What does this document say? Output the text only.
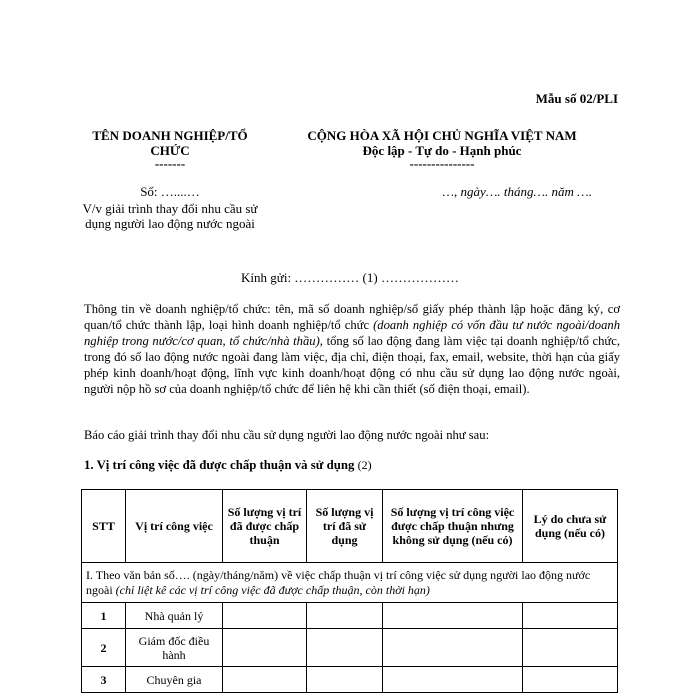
Mẫu số 02/PLI
TÊN DOANH NGHIỆP/TỔ
CHỨC
-------
Số: …....…
V/v giải trình thay đổi nhu cầu sử
dụng người lao động nước ngoài
CỘNG HÒA XÃ HỘI CHỦ NGHĨA VIỆT NAM
Độc lập - Tự do - Hạnh phúc
---------------
…, ngày…. tháng…. năm ….
Kính gửi: …………… (1) ………………
Thông tin về doanh nghiệp/tổ chức: tên, mã số doanh nghiệp/số giấy phép thành lập hoặc đăng ký, cơ quan/tổ chức thành lập, loại hình doanh nghiệp/tổ chức (doanh nghiệp có vốn đầu tư nước ngoài/doanh nghiệp trong nước/cơ quan, tổ chức/nhà thầu), tổng số lao động đang làm việc tại doanh nghiệp/tổ chức, trong đó số lao động nước ngoài đang làm việc, địa chỉ, điện thoại, fax, email, website, thời hạn của giấy phép kinh doanh/hoạt động, lĩnh vực kinh doanh/hoạt động có nhu cầu sử dụng lao động nước ngoài, người nộp hồ sơ của doanh nghiệp/tổ chức để liên hệ khi cần thiết (số điện thoại, email).
Báo cáo giải trình thay đổi nhu cầu sử dụng người lao động nước ngoài như sau:
1. Vị trí công việc đã được chấp thuận và sử dụng (2)
STT	Vị trí công việc	Số lượng vị trí đã được chấp thuận	Số lượng vị trí đã sử dụng	Số lượng vị trí công việc được chấp thuận nhưng không sử dụng (nếu có)	Lý do chưa sử dụng (nếu có)
I. Theo văn bản số…. (ngày/tháng/năm) về việc chấp thuận vị trí công việc sử dụng người lao động nước ngoài (chỉ liệt kê các vị trí công việc đã được chấp thuận, còn thời hạn)					
1	Nhà quản lý				
2	Giám đốc điều hành				
3	Chuyên gia				
